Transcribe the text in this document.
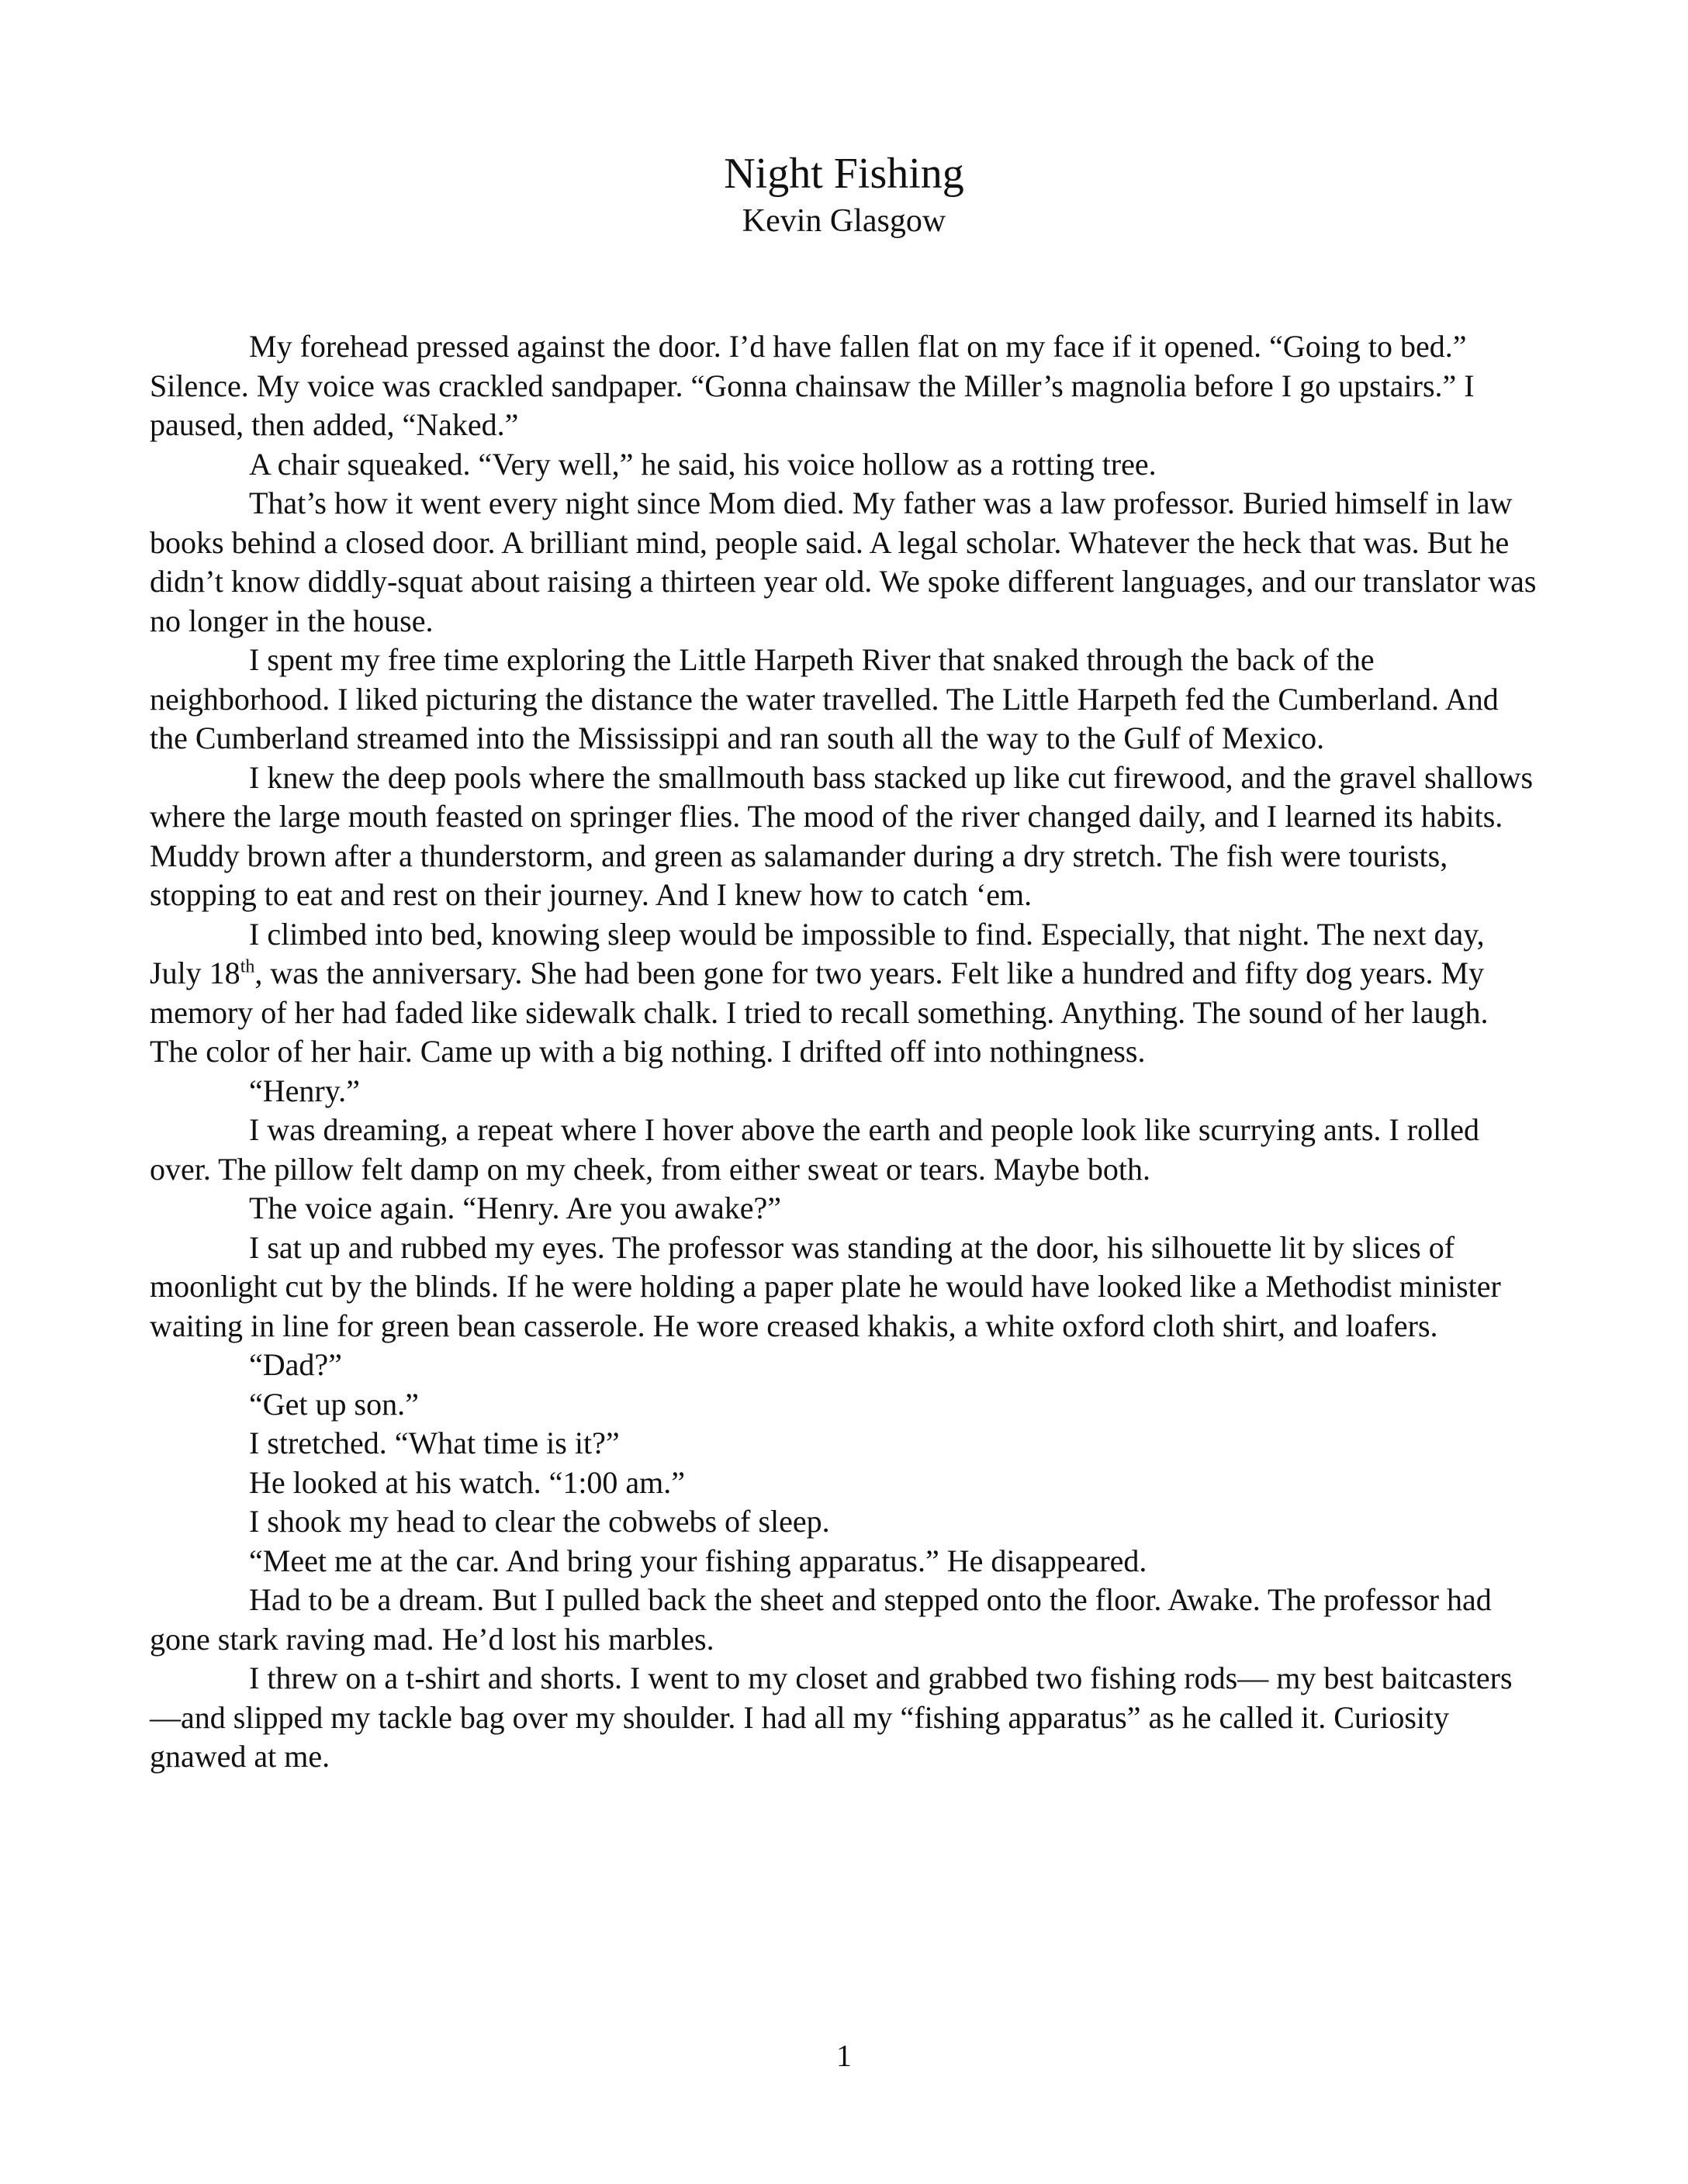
Night Fishing
Kevin Glasgow

My forehead pressed against the door. I’d have fallen flat on my face if it opened. “Going to bed.” Silence. My voice was crackled sandpaper. “Gonna chainsaw the Miller’s magnolia before I go upstairs.” I paused, then added, “Naked.”

A chair squeaked. “Very well,” he said, his voice hollow as a rotting tree.

That’s how it went every night since Mom died. My father was a law professor. Buried himself in law books behind a closed door. A brilliant mind, people said. A legal scholar. Whatever the heck that was. But he didn’t know diddly-squat about raising a thirteen year old. We spoke different languages, and our translator was no longer in the house.

I spent my free time exploring the Little Harpeth River that snaked through the back of the neighborhood. I liked picturing the distance the water travelled. The Little Harpeth fed the Cumberland. And the Cumberland streamed into the Mississippi and ran south all the way to the Gulf of Mexico.

I knew the deep pools where the smallmouth bass stacked up like cut firewood, and the gravel shallows where the large mouth feasted on springer flies. The mood of the river changed daily, and I learned its habits. Muddy brown after a thunderstorm, and green as salamander during a dry stretch. The fish were tourists, stopping to eat and rest on their journey. And I knew how to catch ‘em.

I climbed into bed, knowing sleep would be impossible to find. Especially, that night. The next day, July 18th, was the anniversary. She had been gone for two years. Felt like a hundred and fifty dog years. My memory of her had faded like sidewalk chalk. I tried to recall something. Anything. The sound of her laugh. The color of her hair. Came up with a big nothing. I drifted off into nothingness.

“Henry.”

I was dreaming, a repeat where I hover above the earth and people look like scurrying ants. I rolled over. The pillow felt damp on my cheek, from either sweat or tears. Maybe both.

The voice again. “Henry. Are you awake?”

I sat up and rubbed my eyes. The professor was standing at the door, his silhouette lit by slices of moonlight cut by the blinds. If he were holding a paper plate he would have looked like a Methodist minister waiting in line for green bean casserole. He wore creased khakis, a white oxford cloth shirt, and loafers.

“Dad?”

“Get up son.”

I stretched. “What time is it?”

He looked at his watch. “1:00 am.”

I shook my head to clear the cobwebs of sleep.

“Meet me at the car. And bring your fishing apparatus.” He disappeared.

Had to be a dream. But I pulled back the sheet and stepped onto the floor. Awake. The professor had gone stark raving mad. He’d lost his marbles.

I threw on a t-shirt and shorts. I went to my closet and grabbed two fishing rods— my best baitcasters—and slipped my tackle bag over my shoulder. I had all my “fishing apparatus” as he called it. Curiosity gnawed at me.

1
